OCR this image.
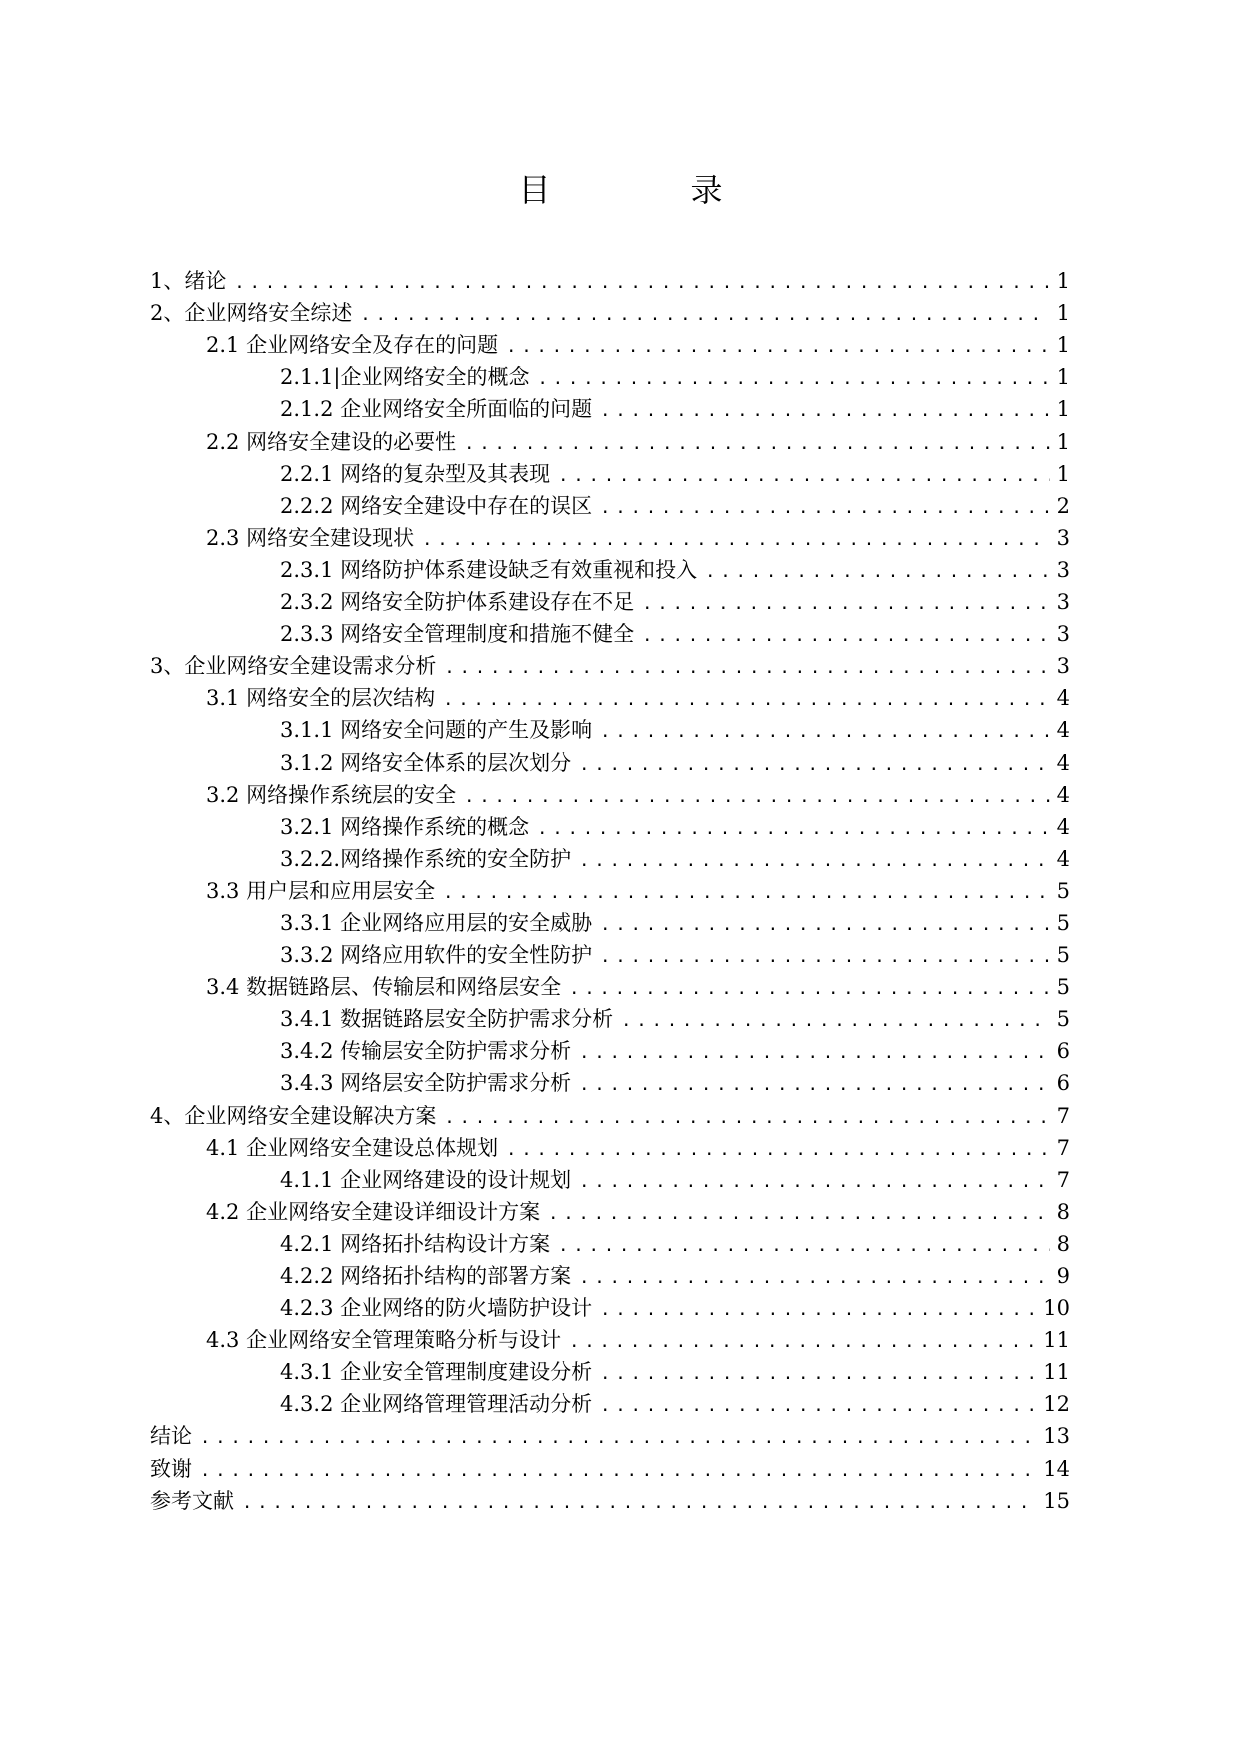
目　录
1、绪论 .....	1
2、企业网络安全综述 .....	1
2.1 企业网络安全及存在的问题 .....	1
2.1.1|企业网络安全的概念 .....	1
2.1.2 企业网络安全所面临的问题 .....	1
2.2 网络安全建设的必要性 .....	1
2.2.1 网络的复杂型及其表现 .....	1
2.2.2 网络安全建设中存在的误区 .....	2
2.3 网络安全建设现状 .....	3
2.3.1 网络防护体系建设缺乏有效重视和投入 .....	3
2.3.2 网络安全防护体系建设存在不足 .....	3
2.3.3 网络安全管理制度和措施不健全 .....	3
3、企业网络安全建设需求分析 .....	3
3.1 网络安全的层次结构 .....	4
3.1.1 网络安全问题的产生及影响 .....	4
3.1.2 网络安全体系的层次划分 .....	4
3.2 网络操作系统层的安全 .....	4
3.2.1 网络操作系统的概念 .....	4
3.2.2.网络操作系统的安全防护 .....	4
3.3 用户层和应用层安全 .....	5
3.3.1 企业网络应用层的安全威胁 .....	5
3.3.2 网络应用软件的安全性防护 .....	5
3.4 数据链路层、传输层和网络层安全 .....	5
3.4.1 数据链路层安全防护需求分析 .....	5
3.4.2 传输层安全防护需求分析 .....	6
3.4.3 网络层安全防护需求分析 .....	6
4、企业网络安全建设解决方案 .....	7
4.1 企业网络安全建设总体规划 .....	7
4.1.1 企业网络建设的设计规划 .....	7
4.2 企业网络安全建设详细设计方案 .....	8
4.2.1 网络拓扑结构设计方案 .....	8
4.2.2 网络拓扑结构的部署方案 .....	9
4.2.3 企业网络的防火墙防护设计 .....	10
4.3 企业网络安全管理策略分析与设计 .....	11
4.3.1 企业安全管理制度建设分析 .....	11
4.3.2 企业网络管理管理活动分析 .....	12
结论 .....	13
致谢 .....	14
参考文献 .....	15
